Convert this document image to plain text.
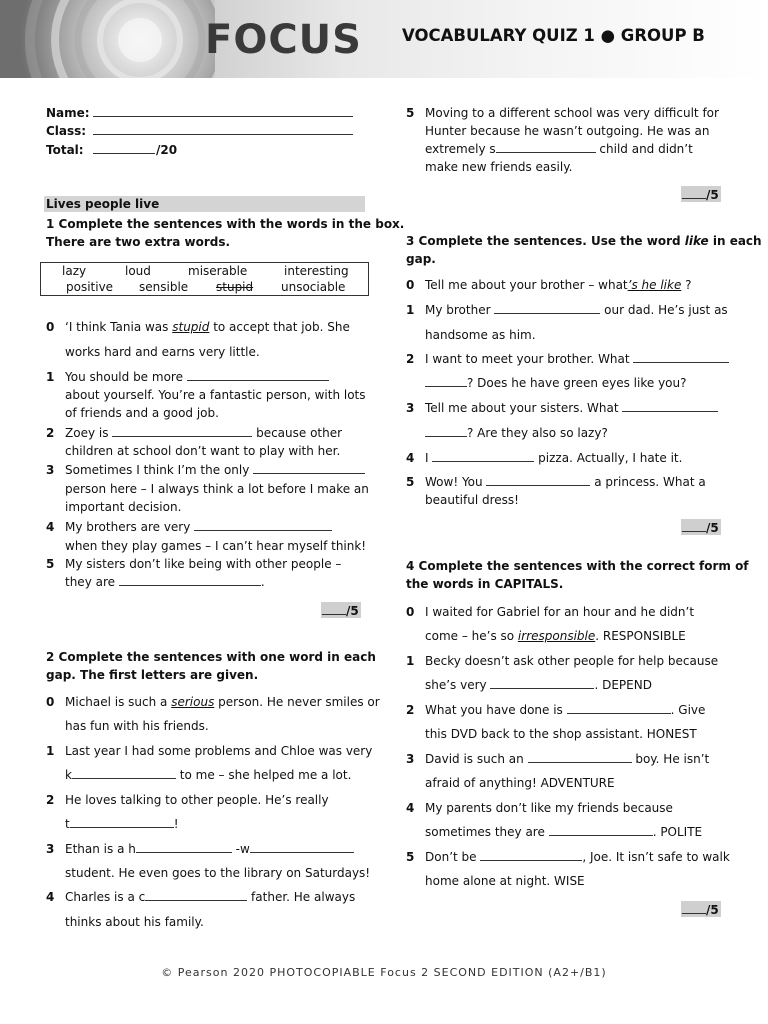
FOCUS VOCABULARY QUIZ 1 ● GROUP B
Name:
Class:
Total:	/20
Lives people live
1 Complete the sentences with the words in the box.
There are two extra words.
lazy	loud	miserable	interesting
positive sensible stupid unsociable
0 ‘I think Tania was stupid to accept that job. She
works hard and earns very little.
1 You should be more
about yourself. You’re a fantastic person, with lots
of friends and a good job.
2 Zoey is	because other
children at school don’t want to play with her.
3 Sometimes I think I’m the only
person here – I always think a lot before I make an
important decision.
4 My brothers are very
when they play games – I can’t hear myself think!
5 My sisters don’t like being with other people –
they are	.
/5
2 Complete the sentences with one word in each
gap. The first letters are given.
0 Michael is such a serious person. He never smiles or
has fun with his friends.
1 Last year I had some problems and Chloe was very
k	to me – she helped me a lot.
2 He loves talking to other people. He’s really
t	!
3 Ethan is a h	-w
student. He even goes to the library on Saturdays!
4 Charles is a c	father. He always
thinks about his family.
5 Moving to a different school was very difficult for
Hunter because he wasn’t outgoing. He was an
extremely s	child and didn’t
make new friends easily.
/5
3 Complete the sentences. Use the word like in each
gap.
0 Tell me about your brother – what’s he like ?
1 My brother	our dad. He’s just as
handsome as him.
2 I want to meet your brother. What
? Does he have green eyes like you?
3 Tell me about your sisters. What
? Are they also so lazy?
4 I	pizza. Actually, I hate it.
5 Wow! You	a princess. What a
beautiful dress!
/5
4 Complete the sentences with the correct form of
the words in CAPITALS.
0 I waited for Gabriel for an hour and he didn’t
come – he’s so irresponsible. RESPONSIBLE
1 Becky doesn’t ask other people for help because
she’s very	. DEPEND
2 What you have done is	. Give
this DVD back to the shop assistant. HONEST
3 David is such an	boy. He isn’t
afraid of anything! ADVENTURE
4 My parents don’t like my friends because
sometimes they are	. POLITE
5 Don’t be	, Joe. It isn’t safe to walk
home alone at night. WISE
/5
© Pearson 2020 PHOTOCOPIABLE Focus 2 SECOND EDITION (A2+/B1)
